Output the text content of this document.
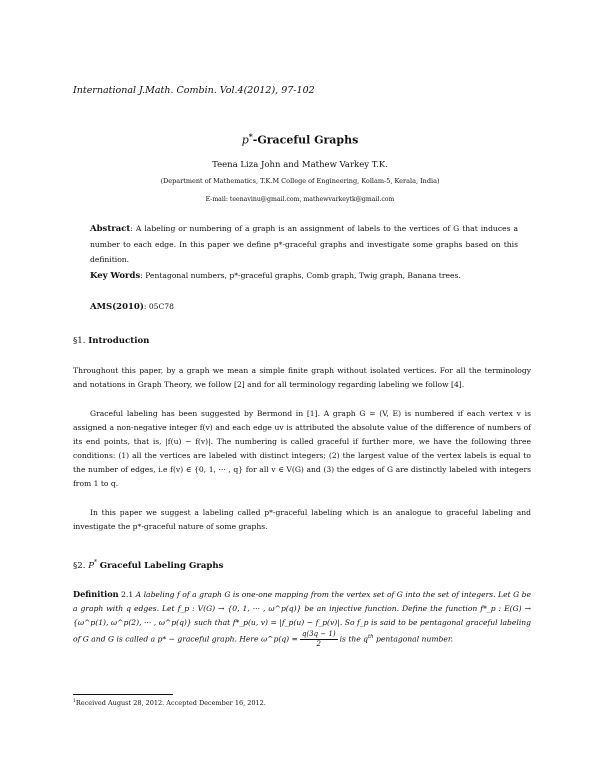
International J.Math. Combin. Vol.4(2012), 97-102
p*-Graceful Graphs
Teena Liza John and Mathew Varkey T.K.
(Department of Mathematics, T.K.M College of Engineering, Kollam-5, Kerala, India)
E-mail: teenavinu@gmail.com, mathewvarkeytk@gmail.com
Abstract: A labeling or numbering of a graph is an assignment of labels to the vertices of G that induces a number to each edge. In this paper we define p*-graceful graphs and investigate some graphs based on this definition.
Key Words: Pentagonal numbers, p*-graceful graphs, Comb graph, Twig graph, Banana trees.
AMS(2010): 05C78
§1. Introduction
Throughout this paper, by a graph we mean a simple finite graph without isolated vertices. For all the terminology and notations in Graph Theory, we follow [2] and for all terminology regarding labeling we follow [4].
Graceful labeling has been suggested by Bermond in [1]. A graph G = (V, E) is numbered if each vertex v is assigned a non-negative integer f(v) and each edge uv is attributed the absolute value of the difference of numbers of its end points, that is, |f(u) − f(v)|. The numbering is called graceful if further more, we have the following three conditions: (1) all the vertices are labeled with distinct integers; (2) the largest value of the vertex labels is equal to the number of edges, i.e f(v) ∈ {0, 1, ··· , q} for all v ∈ V(G) and (3) the edges of G are distinctly labeled with integers from 1 to q.
In this paper we suggest a labeling called p*-graceful labeling which is an analogue to graceful labeling and investigate the p*-graceful nature of some graphs.
§2. P* Graceful Labeling Graphs
Definition 2.1 A labeling f of a graph G is one-one mapping from the vertex set of G into the set of integers. Let G be a graph with q edges. Let f_p : V(G) → {0, 1, ··· , ω^p(q)} be an injective function. Define the function f*_p : E(G) → {ω^p(1), ω^p(2), ··· , ω^p(q)} such that f*_p(u, v) = |f_p(u) − f_p(v)|. So f_p is said to be pentagonal graceful labeling of G and G is called a p* − graceful graph. Here ω^p(q) = $\frac{q(3q - 1)}{2}$ is the $q^{th}$ pentagonal number.
$^1$Received August 28, 2012. Accepted December 16, 2012.
